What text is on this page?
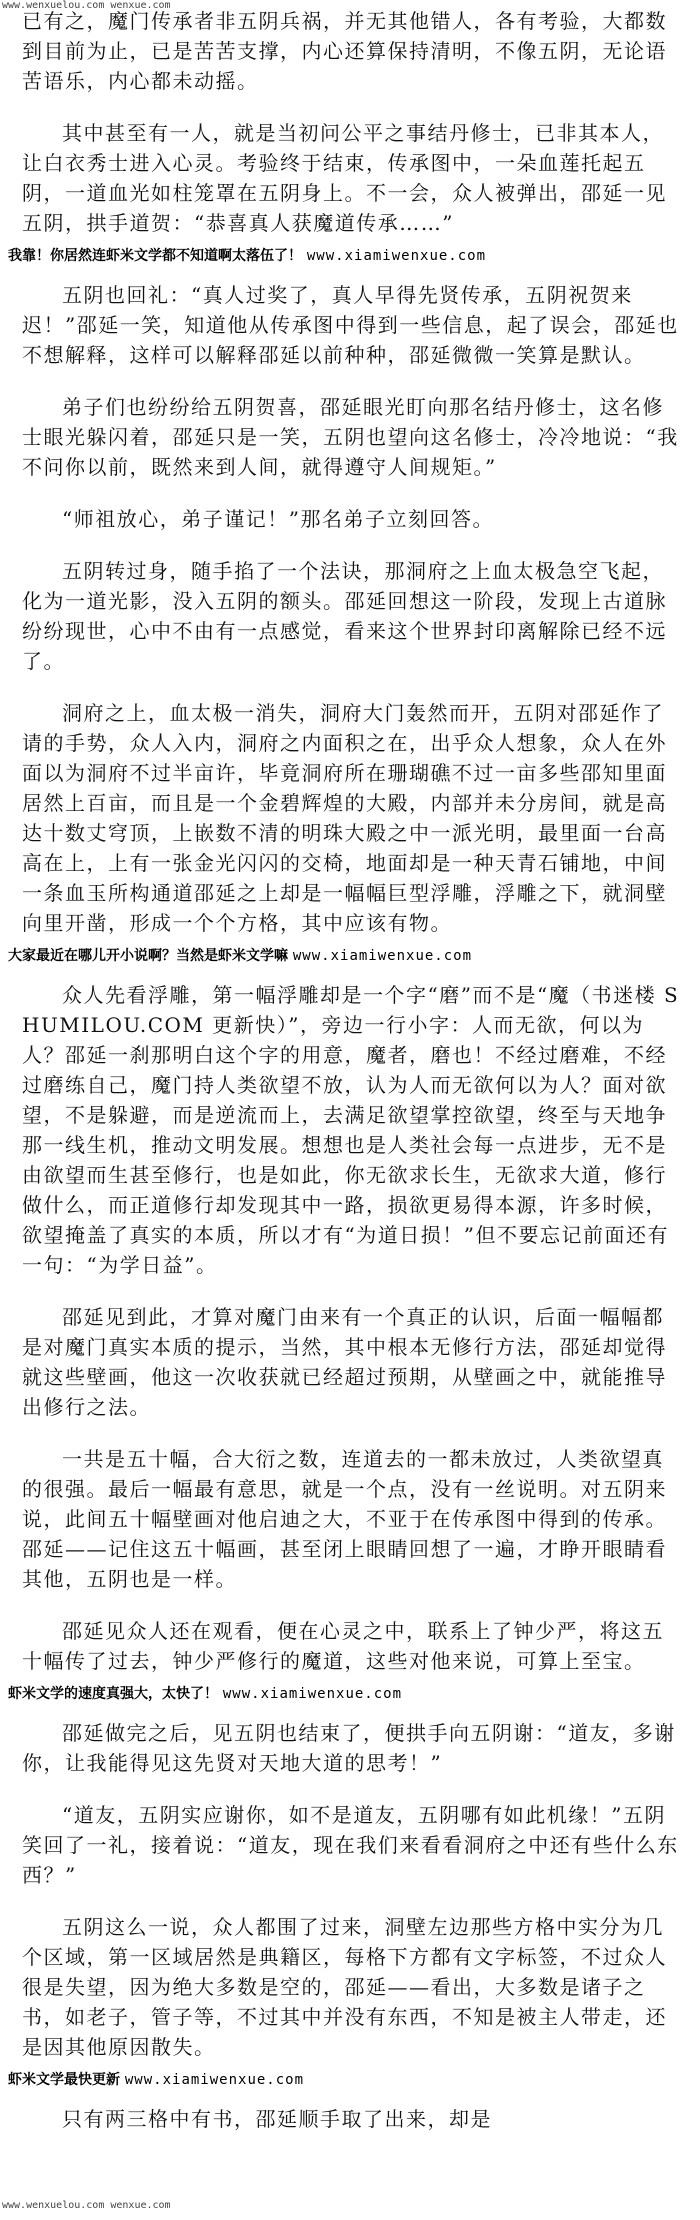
www.wenxuelou.com wenxue.com

已有之，魔门传承者非五阴兵祸，并无其他错人，各有考验，大都数到目前为止，已是苦苦支撑，内心还算保持清明，不像五阴，无论语苦语乐，内心都未动摇。

其中甚至有一人，就是当初问公平之事结丹修士，已非其本人，让白衣秀士进入心灵。考验终于结束，传承图中，一朵血莲托起五阴，一道血光如柱笼罩在五阴身上。不一会，众人被弹出，邵延一见五阴，拱手道贺：“恭喜真人获魔道传承……”

我靠！你居然连虾米文学都不知道啊太落伍了！ www.xiamiwenxue.com

五阴也回礼：“真人过奖了，真人早得先贤传承，五阴祝贺来迟！”邵延一笑，知道他从传承图中得到一些信息，起了误会，邵延也不想解释，这样可以解释邵延以前种种，邵延微微一笑算是默认。

弟子们也纷纷给五阴贺喜，邵延眼光盯向那名结丹修士，这名修士眼光躲闪着，邵延只是一笑，五阴也望向这名修士，冷冷地说：“我不问你以前，既然来到人间，就得遵守人间规矩。”

“师祖放心，弟子谨记！”那名弟子立刻回答。

五阴转过身，随手掐了一个法诀，那洞府之上血太极急空飞起，化为一道光影，没入五阴的额头。邵延回想这一阶段，发现上古道脉纷纷现世，心中不由有一点感觉，看来这个世界封印离解除已经不远了。

洞府之上，血太极一消失，洞府大门轰然而开，五阴对邵延作了请的手势，众人入内，洞府之内面积之在，出乎众人想象，众人在外面以为洞府不过半亩许，毕竟洞府所在珊瑚礁不过一亩多些邵知里面居然上百亩，而且是一个金碧辉煌的大殿，内部并未分房间，就是高达十数丈穹顶，上嵌数不清的明珠大殿之中一派光明，最里面一台高高在上，上有一张金光闪闪的交椅，地面却是一种天青石铺地，中间一条血玉所构通道邵延之上却是一幅幅巨型浮雕，浮雕之下，就洞壁向里开凿，形成一个个方格，其中应该有物。

大家最近在哪儿开小说啊？当然是虾米文学嘛 www.xiamiwenxue.com

众人先看浮雕，第一幅浮雕却是一个字“磨”而不是“魔（书迷楼 SHUMILOU.COM 更新快）”，旁边一行小字：人而无欲，何以为人？邵延一刹那明白这个字的用意，魔者，磨也！不经过磨难，不经过磨练自己，魔门持人类欲望不放，认为人而无欲何以为人？面对欲望，不是躲避，而是逆流而上，去满足欲望掌控欲望，终至与天地争那一线生机，推动文明发展。想想也是人类社会每一点进步，无不是由欲望而生甚至修行，也是如此，你无欲求长生，无欲求大道，修行做什么，而正道修行却发现其中一路，损欲更易得本源，许多时候，欲望掩盖了真实的本质，所以才有“为道日损！”但不要忘记前面还有一句：“为学日益”。

邵延见到此，才算对魔门由来有一个真正的认识，后面一幅幅都是对魔门真实本质的提示，当然，其中根本无修行方法，邵延却觉得就这些壁画，他这一次收获就已经超过预期，从壁画之中，就能推导出修行之法。

一共是五十幅，合大衍之数，连道去的一都未放过，人类欲望真的很强。最后一幅最有意思，就是一个点，没有一丝说明。对五阴来说，此间五十幅壁画对他启迪之大，不亚于在传承图中得到的传承。邵延——记住这五十幅画，甚至闭上眼睛回想了一遍，才睁开眼睛看其他，五阴也是一样。

邵延见众人还在观看，便在心灵之中，联系上了钟少严，将这五十幅传了过去，钟少严修行的魔道，这些对他来说，可算上至宝。

虾米文学的速度真强大，太快了！ www.xiamiwenxue.com

邵延做完之后，见五阴也结束了，便拱手向五阴谢：“道友，多谢你，让我能得见这先贤对天地大道的思考！”

“道友，五阴实应谢你，如不是道友，五阴哪有如此机缘！”五阴笑回了一礼，接着说：“道友，现在我们来看看洞府之中还有些什么东西？”

五阴这么一说，众人都围了过来，洞壁左边那些方格中实分为几个区域，第一区域居然是典籍区，每格下方都有文字标签，不过众人很是失望，因为绝大多数是空的，邵延——看出，大多数是诸子之书，如老子，管子等，不过其中并没有东西，不知是被主人带走，还是因其他原因散失。

虾米文学最快更新 www.xiamiwenxue.com

只有两三格中有书，邵延顺手取了出来，却是

www.wenxuelou.com wenxue.com
